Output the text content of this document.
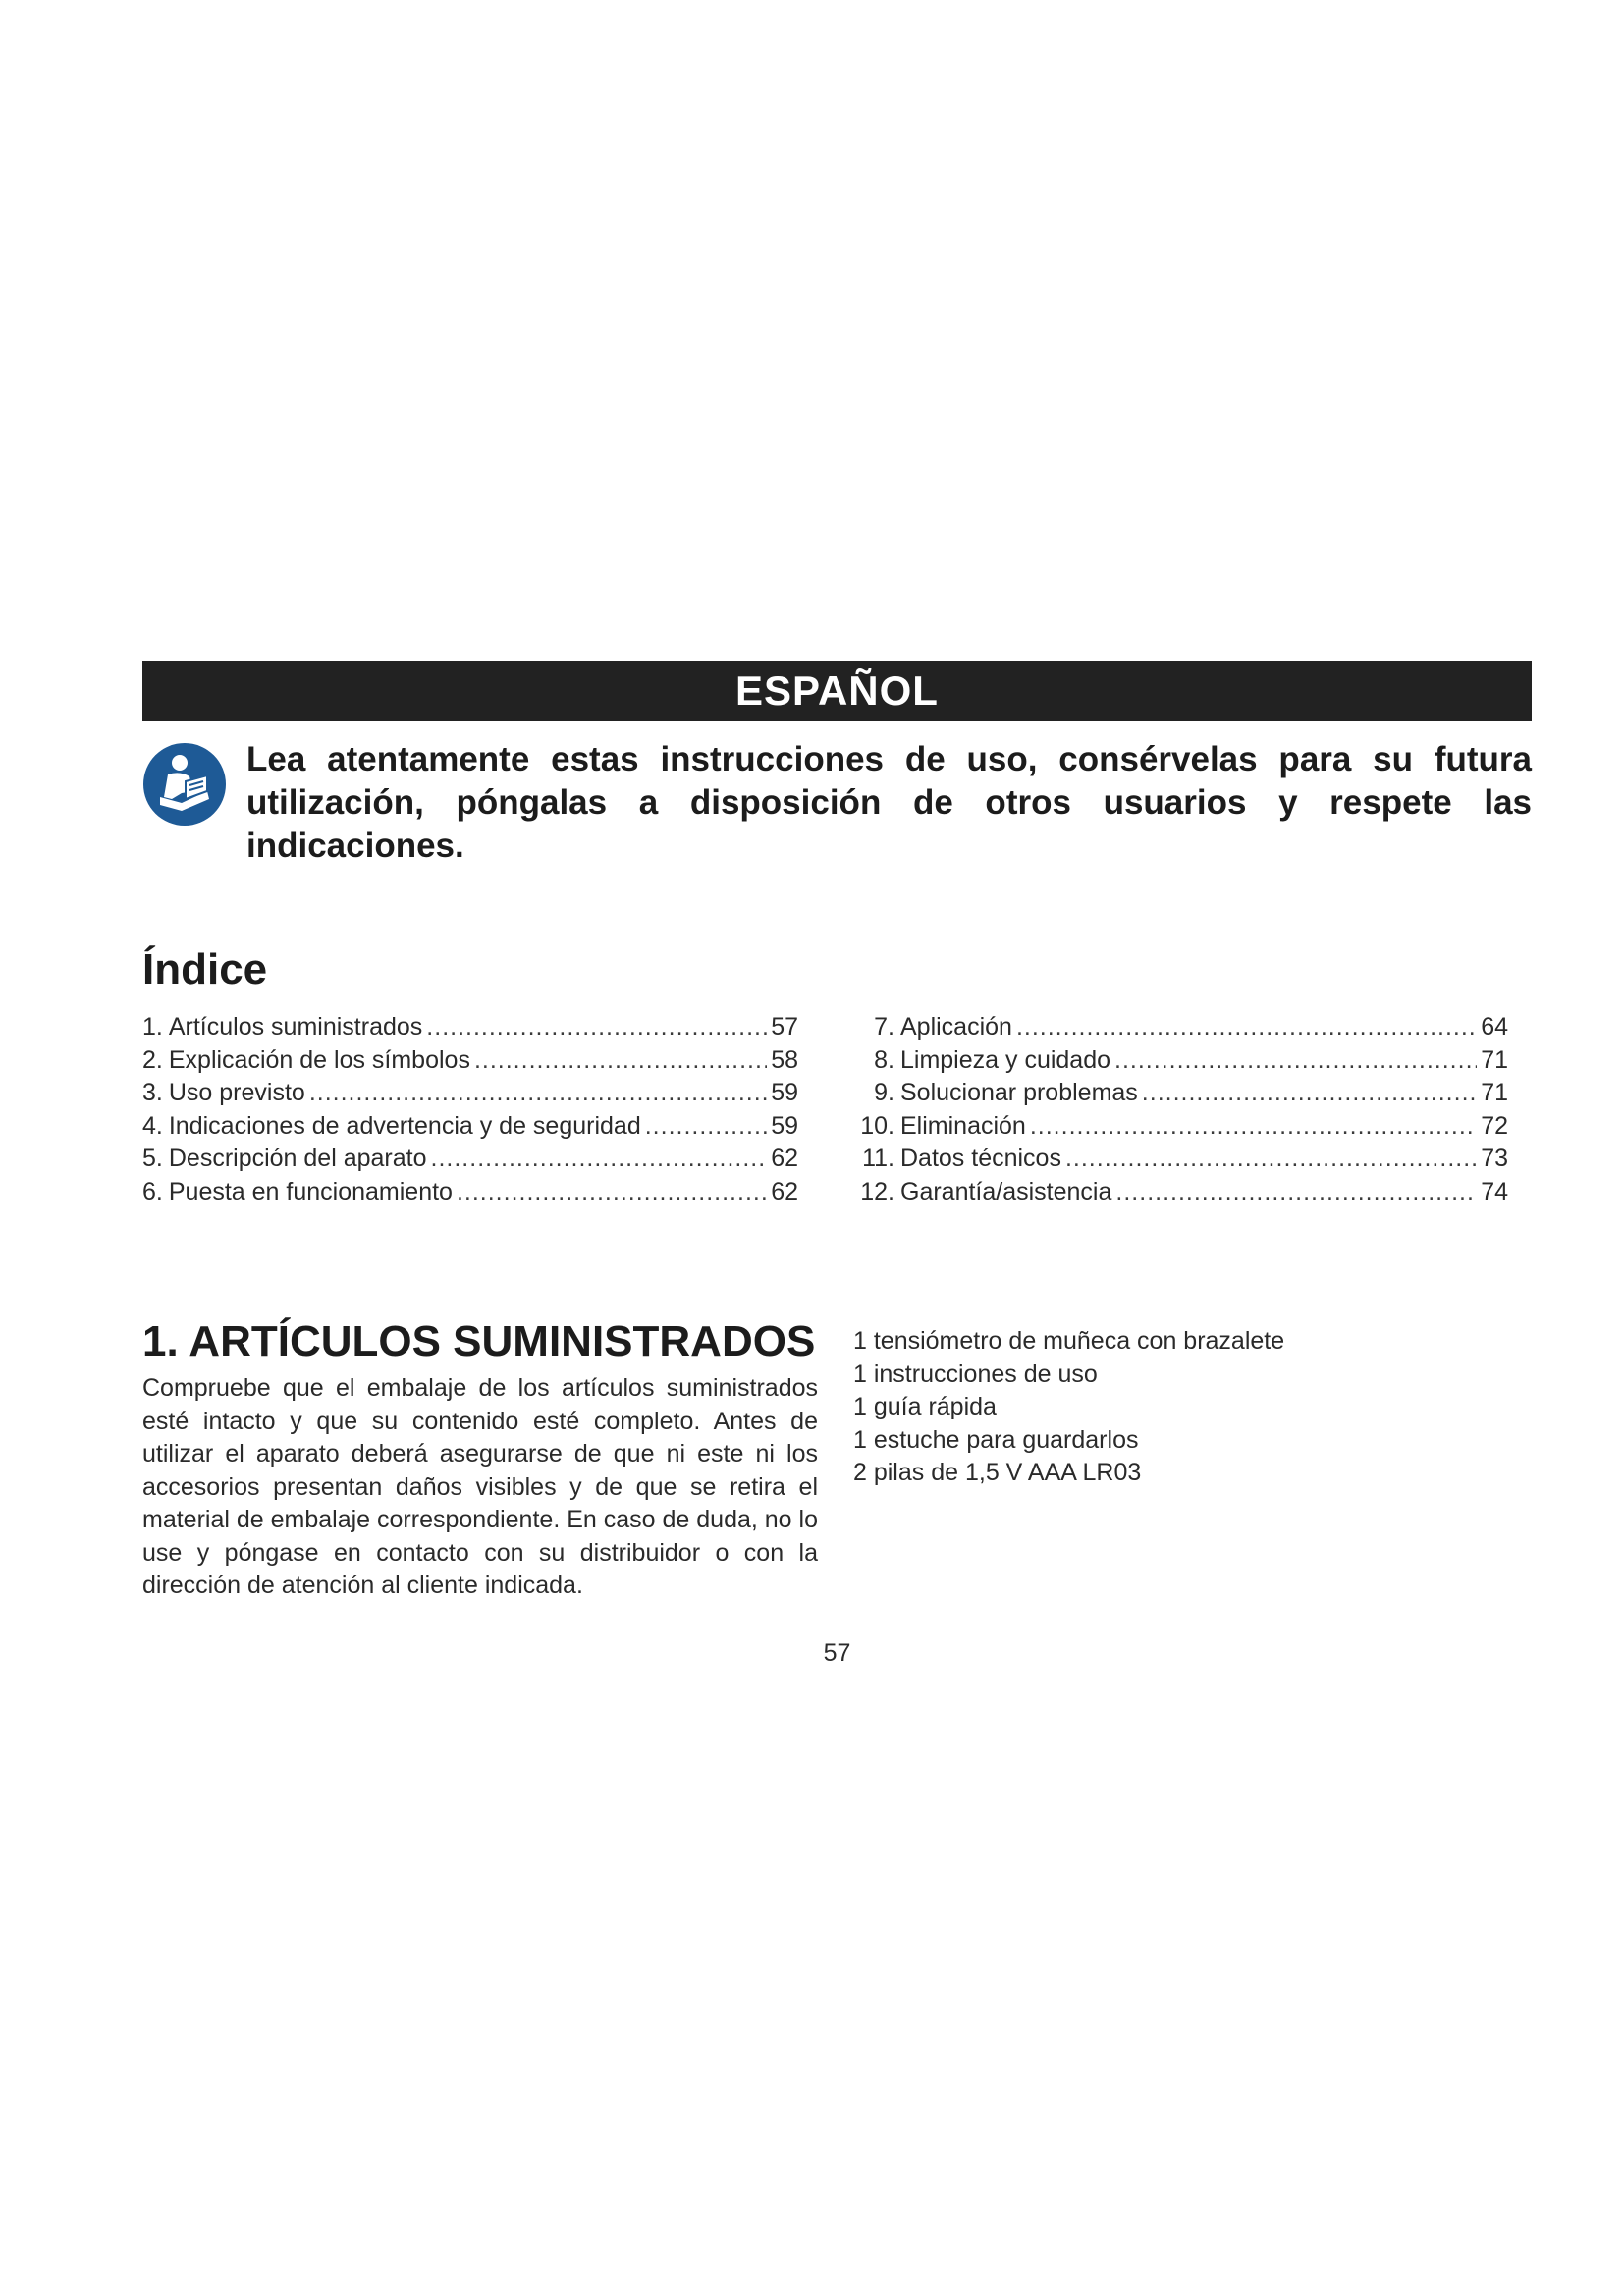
ESPAÑOL
Lea atentamente estas instrucciones de uso, consérvelas para su futura utilización, póngalas a disposición de otros usuarios y respete las indicaciones.
Índice
1. Artículos suministrados .....	57
2. Explicación de los símbolos .....	58
3. Uso previsto .....	59
4. Indicaciones de advertencia y de seguridad .....	59
5. Descripción del aparato .....	62
6. Puesta en funcionamiento .....	62
7. Aplicación .....	64
8. Limpieza y cuidado .....	71
9. Solucionar problemas .....	71
10. Eliminación .....	72
11. Datos técnicos .....	73
12. Garantía/asistencia .....	74
1. ARTÍCULOS SUMINISTRADOS

Compruebe que el embalaje de los artículos suministrados esté intacto y que su contenido esté completo. Antes de utilizar el aparato deberá asegurarse de que ni este ni los accesorios presentan daños visibles y de que se retira el material de embalaje correspondiente. En caso de duda, no lo use y póngase en contacto con su distribuidor o con la dirección de atención al cliente indicada.

1 tensiómetro de muñeca con brazalete
1 instrucciones de uso
1 guía rápida
1 estuche para guardarlos
2 pilas de 1,5 V AAA LR03
57
